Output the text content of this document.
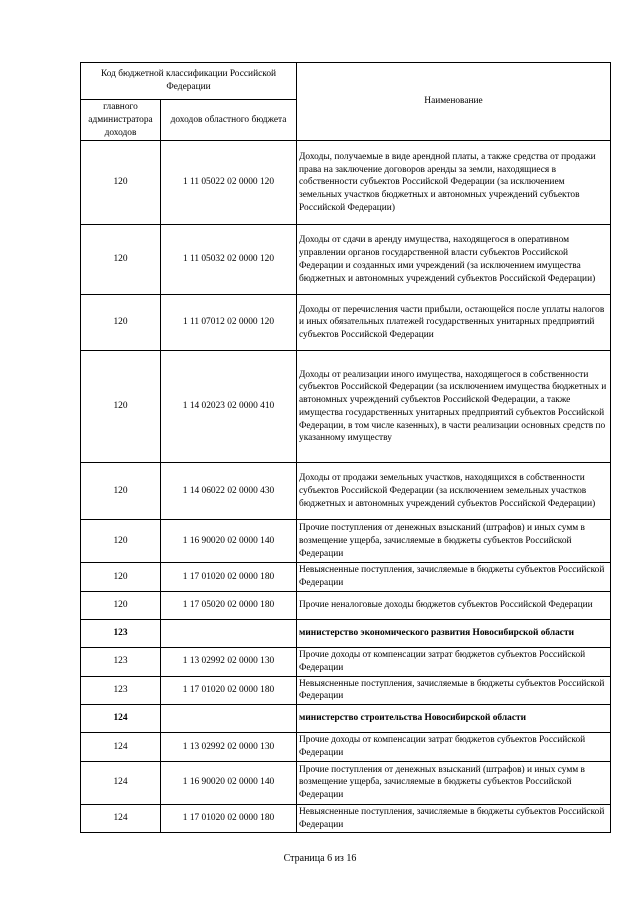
Код бюджетной классификации Российской Федерации		Наименование
главного администратора доходов	доходов областного бюджета	
120	1 11 05022 02 0000 120	Доходы, получаемые в виде арендной платы, а также средства от продажи права на заключение договоров аренды за земли, находящиеся в собственности субъектов Российской Федерации (за исключением земельных участков бюджетных и автономных учреждений субъектов Российской Федерации)
120	1 11 05032 02 0000 120	Доходы от сдачи в аренду имущества, находящегося в оперативном управлении органов государственной власти субъектов Российской Федерации и созданных ими учреждений (за исключением имущества бюджетных и автономных учреждений субъектов Российской Федерации)
120	1 11 07012 02 0000 120	Доходы от перечисления части прибыли, остающейся после уплаты налогов и иных обязательных платежей государственных унитарных предприятий субъектов Российской Федерации
120	1 14 02023 02 0000 410	Доходы от реализации иного имущества, находящегося в собственности субъектов Российской Федерации (за исключением имущества бюджетных и автономных учреждений субъектов Российской Федерации, а также имущества государственных унитарных предприятий субъектов Российской Федерации, в том числе казенных), в части реализации основных средств по указанному имуществу
120	1 14 06022 02 0000 430	Доходы от продажи земельных участков, находящихся в собственности субъектов Российской Федерации (за исключением земельных участков бюджетных и автономных учреждений субъектов Российской Федерации)
120	1 16 90020 02 0000 140	Прочие поступления от денежных взысканий (штрафов) и иных сумм в возмещение ущерба, зачисляемые в бюджеты субъектов Российской Федерации
120	1 17 01020 02 0000 180	Невыясненные поступления, зачисляемые в бюджеты субъектов Российской Федерации
120	1 17 05020 02 0000 180	Прочие неналоговые доходы бюджетов субъектов Российской Федерации
123		министерство экономического развития Новосибирской области
123	1 13 02992 02 0000 130	Прочие доходы от компенсации затрат бюджетов субъектов Российской Федерации
123	1 17 01020 02 0000 180	Невыясненные поступления, зачисляемые в бюджеты субъектов Российской Федерации
124		министерство строительства Новосибирской области
124	1 13 02992 02 0000 130	Прочие доходы от компенсации затрат бюджетов субъектов Российской Федерации
124	1 16 90020 02 0000 140	Прочие поступления от денежных взысканий (штрафов) и иных сумм в возмещение ущерба, зачисляемые в бюджеты субъектов Российской Федерации
124	1 17 01020 02 0000 180	Невыясненные поступления, зачисляемые в бюджеты субъектов Российской Федерации
Страница 6 из 16
